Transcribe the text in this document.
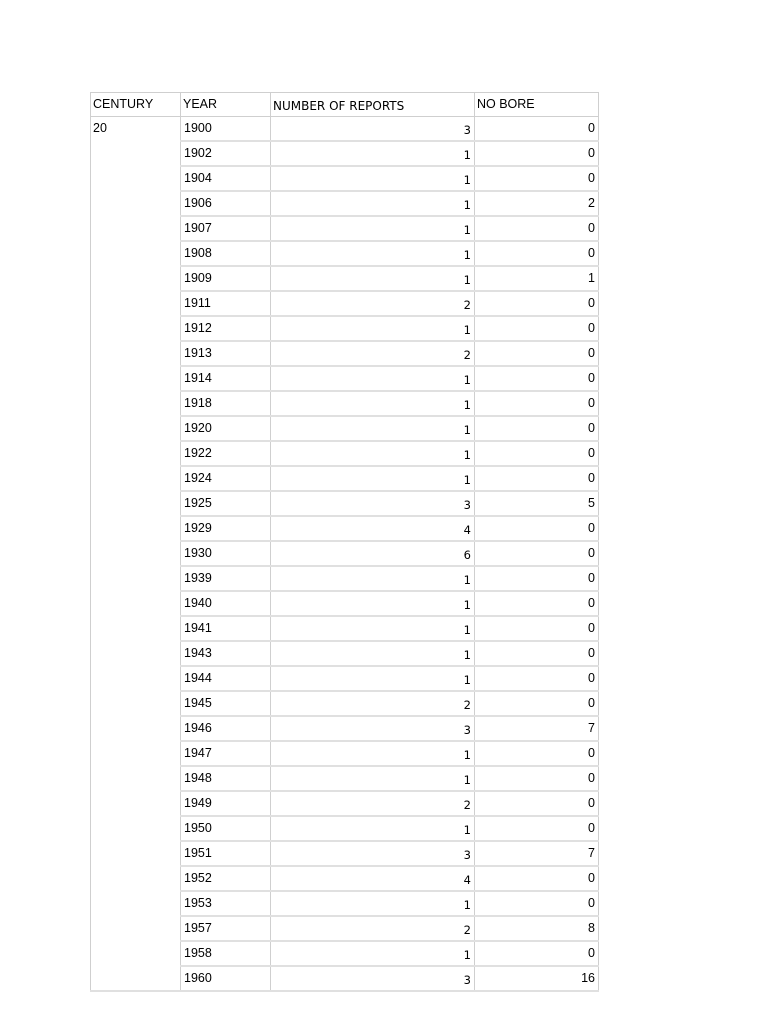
CENTURY	YEAR	NUMBER OF REPORTS	NO BORE
20	1900	3	0
	1902	1	0
	1904	1	0
	1906	1	2
	1907	1	0
	1908	1	0
	1909	1	1
	1911	2	0
	1912	1	0
	1913	2	0
	1914	1	0
	1918	1	0
	1920	1	0
	1922	1	0
	1924	1	0
	1925	3	5
	1929	4	0
	1930	6	0
	1939	1	0
	1940	1	0
	1941	1	0
	1943	1	0
	1944	1	0
	1945	2	0
	1946	3	7
	1947	1	0
	1948	1	0
	1949	2	0
	1950	1	0
	1951	3	7
	1952	4	0
	1953	1	0
	1957	2	8
	1958	1	0
	1960	3	16
